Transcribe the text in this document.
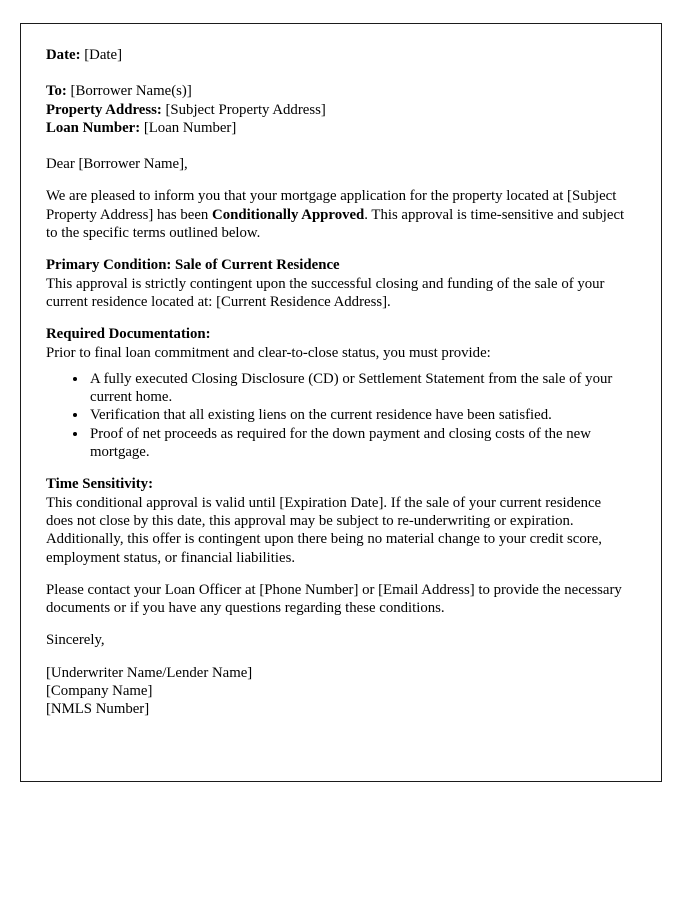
Date: [Date]
To: [Borrower Name(s)]
Property Address: [Subject Property Address]
Loan Number: [Loan Number]

Dear [Borrower Name],

We are pleased to inform you that your mortgage application for the property located at [Subject Property Address] has been Conditionally Approved. This approval is time-sensitive and subject to the specific terms outlined below.

Primary Condition: Sale of Current Residence

This approval is strictly contingent upon the successful closing and funding of the sale of your current residence located at: [Current Residence Address].

Required Documentation:

Prior to final loan commitment and clear-to-close status, you must provide:

• A fully executed Closing Disclosure (CD) or Settlement Statement from the sale of your current home.
• Verification that all existing liens on the current residence have been satisfied.
• Proof of net proceeds as required for the down payment and closing costs of the new mortgage.

Time Sensitivity:

This conditional approval is valid until [Expiration Date]. If the sale of your current residence does not close by this date, this approval may be subject to re-underwriting or expiration. Additionally, this offer is contingent upon there being no material change to your credit score, employment status, or financial liabilities.

Please contact your Loan Officer at [Phone Number] or [Email Address] to provide the necessary documents or if you have any questions regarding these conditions.

Sincerely,

[Underwriter Name/Lender Name]

[Company Name]

[NMLS Number]
